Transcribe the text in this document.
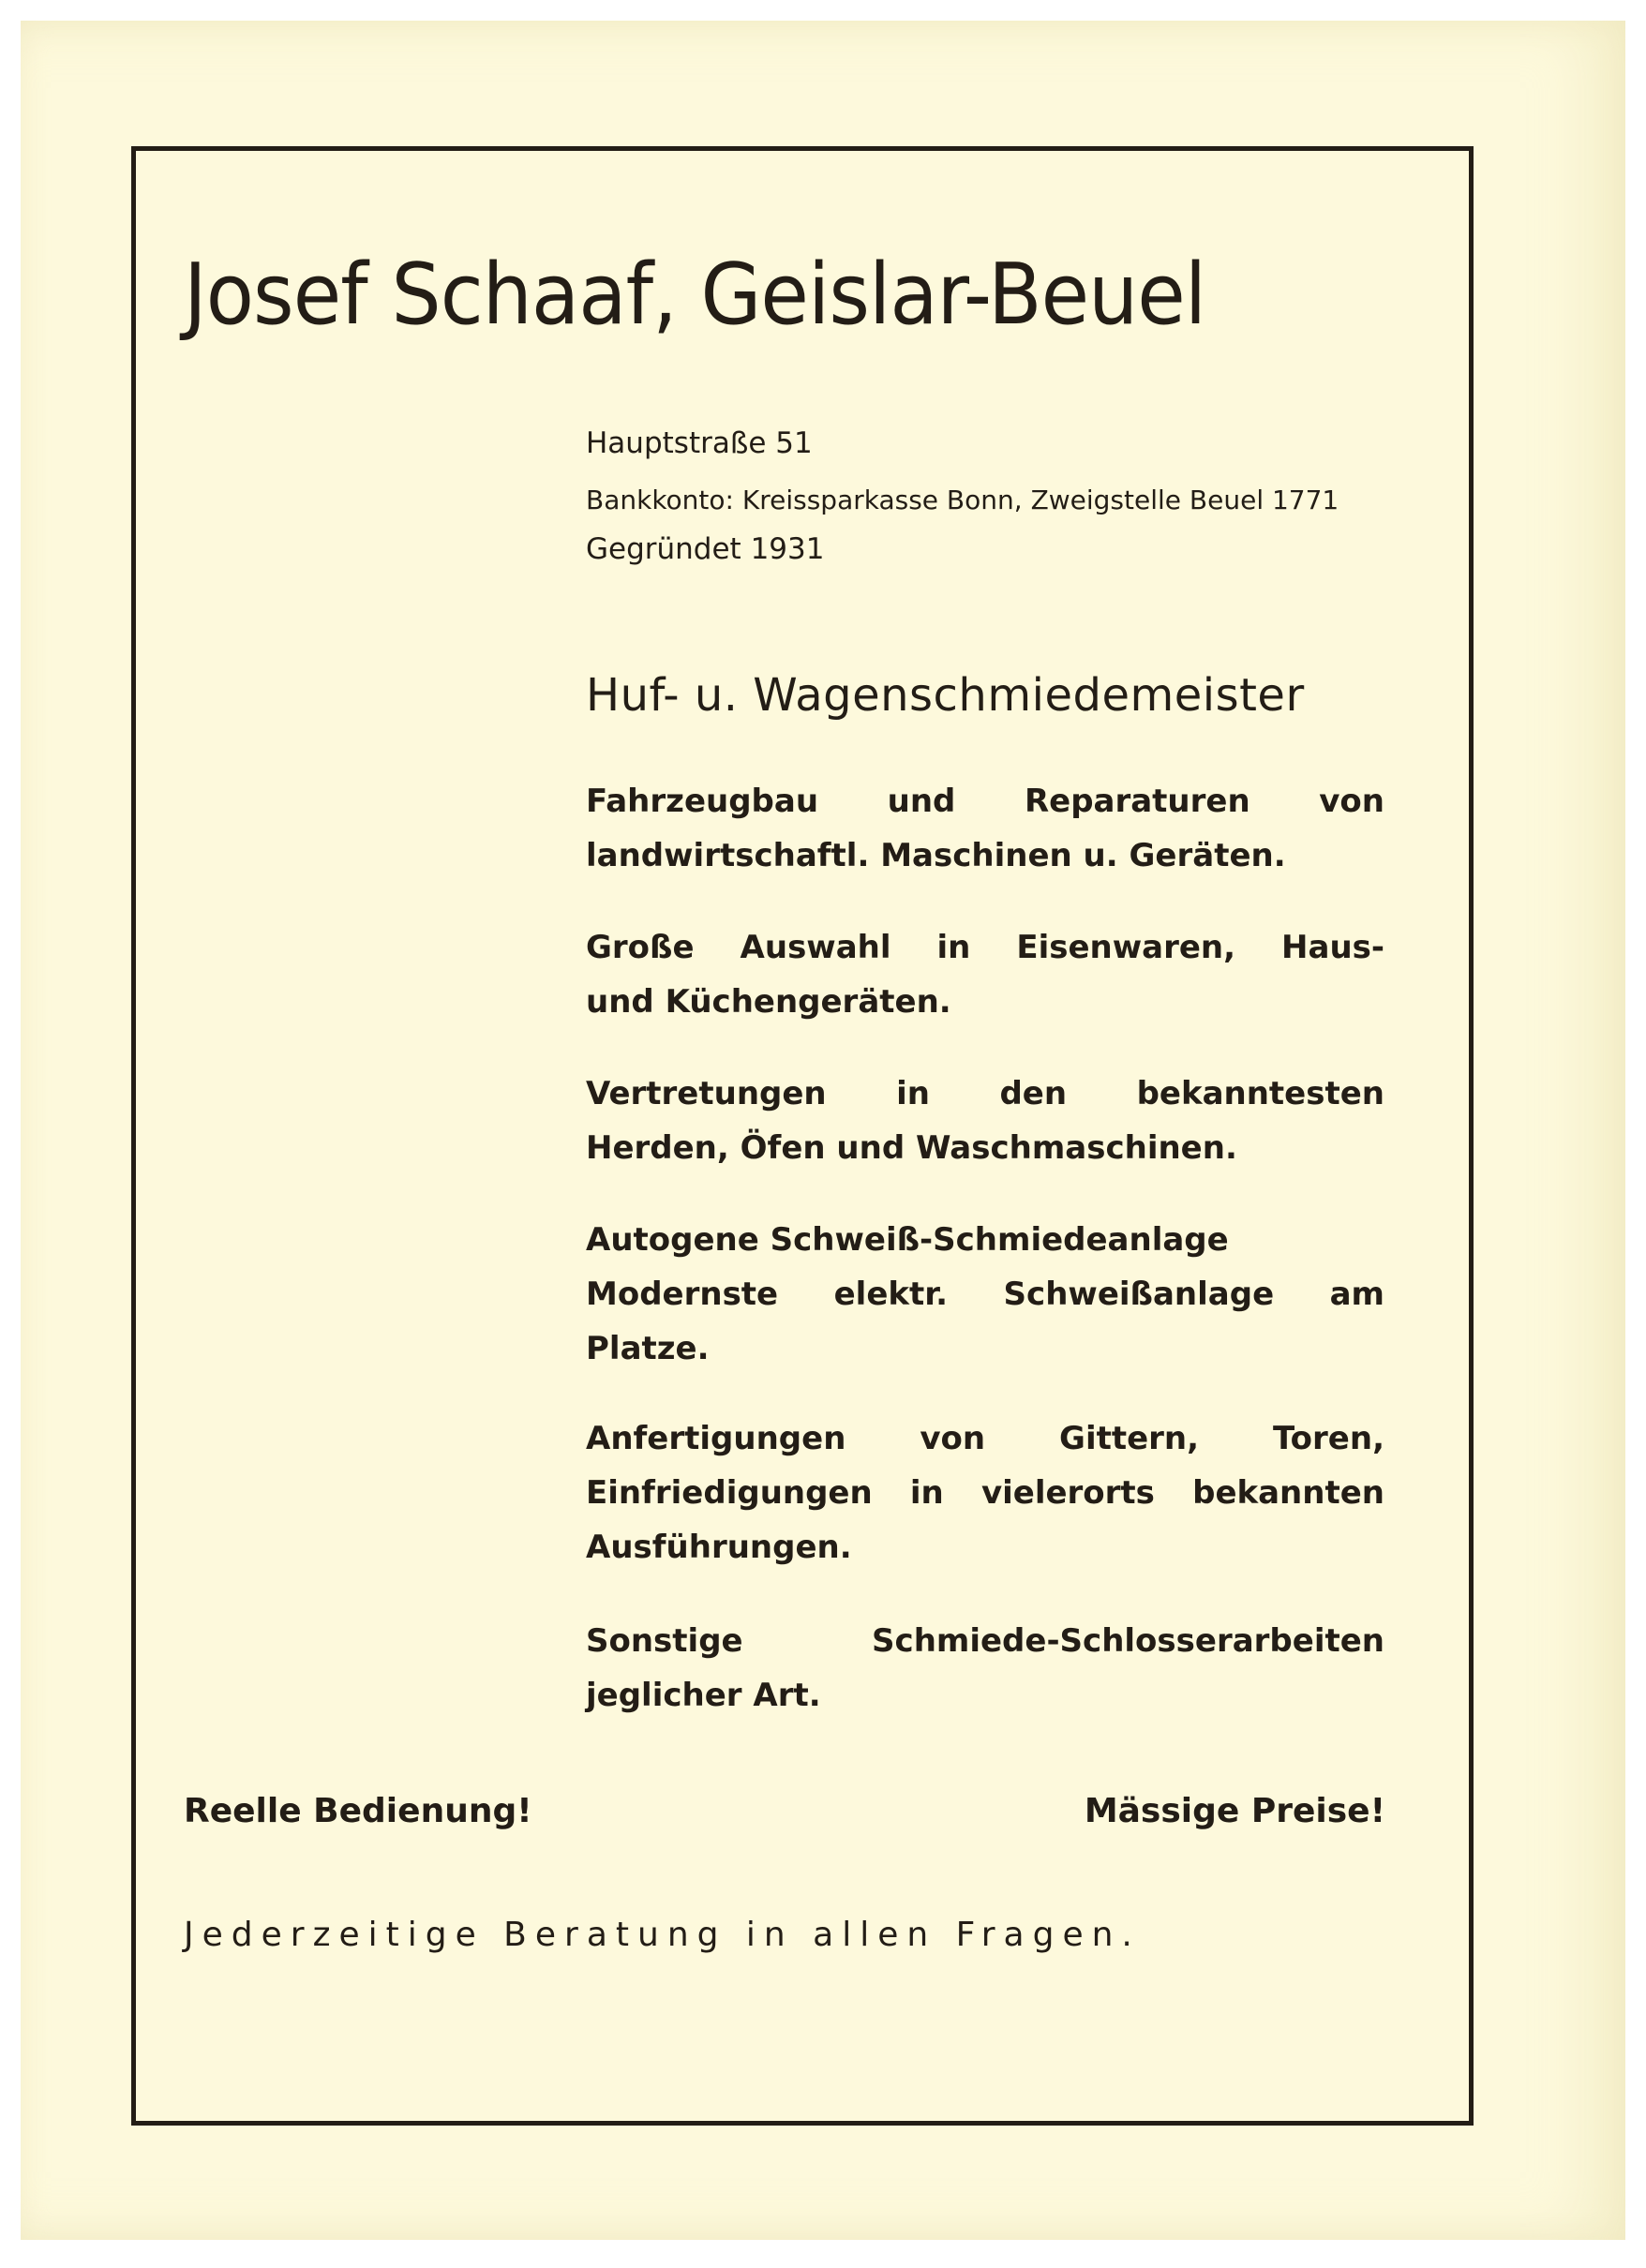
Josef Schaaf, Geislar-Beuel

Hauptstraße 51

Bankkonto: Kreissparkasse Bonn, Zweigstelle Beuel 1771

Gegründet 1931

Huf- u. Wagenschmiedemeister

Fahrzeugbau und Reparaturen von
landwirtschaftl. Maschinen u. Geräten.

Große Auswahl in Eisenwaren, Haus-
und Küchengeräten.

Vertretungen in den bekanntesten
Herden, Öfen und Waschmaschinen.

Autogene Schweiß-Schmiedeanlage
Modernste elektr. Schweißanlage am
Platze.

Anfertigungen von Gittern, Toren,
Einfriedigungen in vielerorts bekannten
Ausführungen.

Sonstige Schmiede-Schlosserarbeiten
jeglicher Art.

Reelle Bedienung!	Mässige Preise!

Jederzeitige Beratung in allen Fragen.
